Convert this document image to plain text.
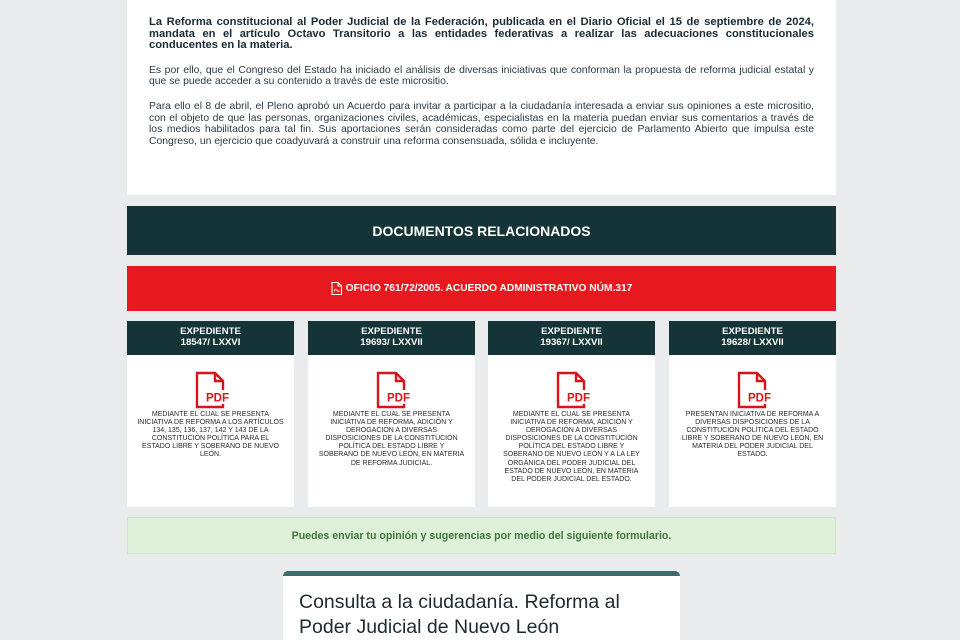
La Reforma constitucional al Poder Judicial de la Federación, publicada en el Diario Oficial el 15 de septiembre de 2024, mandata en el artículo Octavo Transitorio a las entidades federativas a realizar las adecuaciones constitucionales conducentes en la materia.

Es por ello, que el Congreso del Estado ha iniciado el análisis de diversas iniciativas que conforman la propuesta de reforma judicial estatal y que se puede acceder a su contenido a través de este micrositio.

Para ello el 8 de abril, el Pleno aprobó un Acuerdo para invitar a participar a la ciudadanía interesada a enviar sus opiniones a este micrositio, con el objeto de que las personas, organizaciones civiles, académicas, especialistas en la materia puedan enviar sus comentarios a través de los medios habilitados para tal fin. Sus aportaciones serán consideradas como parte del ejercicio de Parlamento Abierto que impulsa este Congreso, un ejercicio que coadyuvará a construir una reforma consensuada, sólida e incluyente.

DOCUMENTOS RELACIONADOS
OFICIO 761/72/2005. ACUERDO ADMINISTRATIVO NÚM.317
EXPEDIENTE
18547/ LXXVI
PDF
MEDIANTE EL CUAL SE PRESENTA INICIATIVA DE REFORMA A LOS ARTÍCULOS 134, 135, 136, 137, 142 Y 143 DE LA CONSTITUCIÓN POLÍTICA PARA EL ESTADO LIBRE Y SOBERANO DE NUEVO LEÓN.
EXPEDIENTE
19693/ LXXVII
PDF
MEDIANTE EL CUAL SE PRESENTA INICIATIVA DE REFORMA, ADICIÓN Y DEROGACIÓN A DIVERSAS DISPOSICIONES DE LA CONSTITUCIÓN POLÍTICA DEL ESTADO LIBRE Y SOBERANO DE NUEVO LEÓN, EN MATERIA DE REFORMA JUDICIAL.
EXPEDIENTE
19367/ LXXVII
PDF
MEDIANTE EL CUAL SE PRESENTA INICIATIVA DE REFORMA, ADICIÓN Y DEROGACIÓN A DIVERSAS DISPOSICIONES DE LA CONSTITUCIÓN POLÍTICA DEL ESTADO LIBRE Y SOBERANO DE NUEVO LEÓN Y A LA LEY ORGÁNICA DEL PODER JUDICIAL DEL ESTADO DE NUEVO LEÓN, EN MATERIA DEL PODER JUDICIAL DEL ESTADO.
EXPEDIENTE
19628/ LXXVII
PDF
PRESENTAN INICIATIVA DE REFORMA A DIVERSAS DISPOSICIONES DE LA CONSTITUCIÓN POLÍTICA DEL ESTADO LIBRE Y SOBERANO DE NUEVO LEÓN, EN MATERIA DEL PODER JUDICIAL DEL ESTADO.
Puedes enviar tu opinión y sugerencias por medio del siguiente formulario.
Consulta a la ciudadanía. Reforma al Poder Judicial de Nuevo León
